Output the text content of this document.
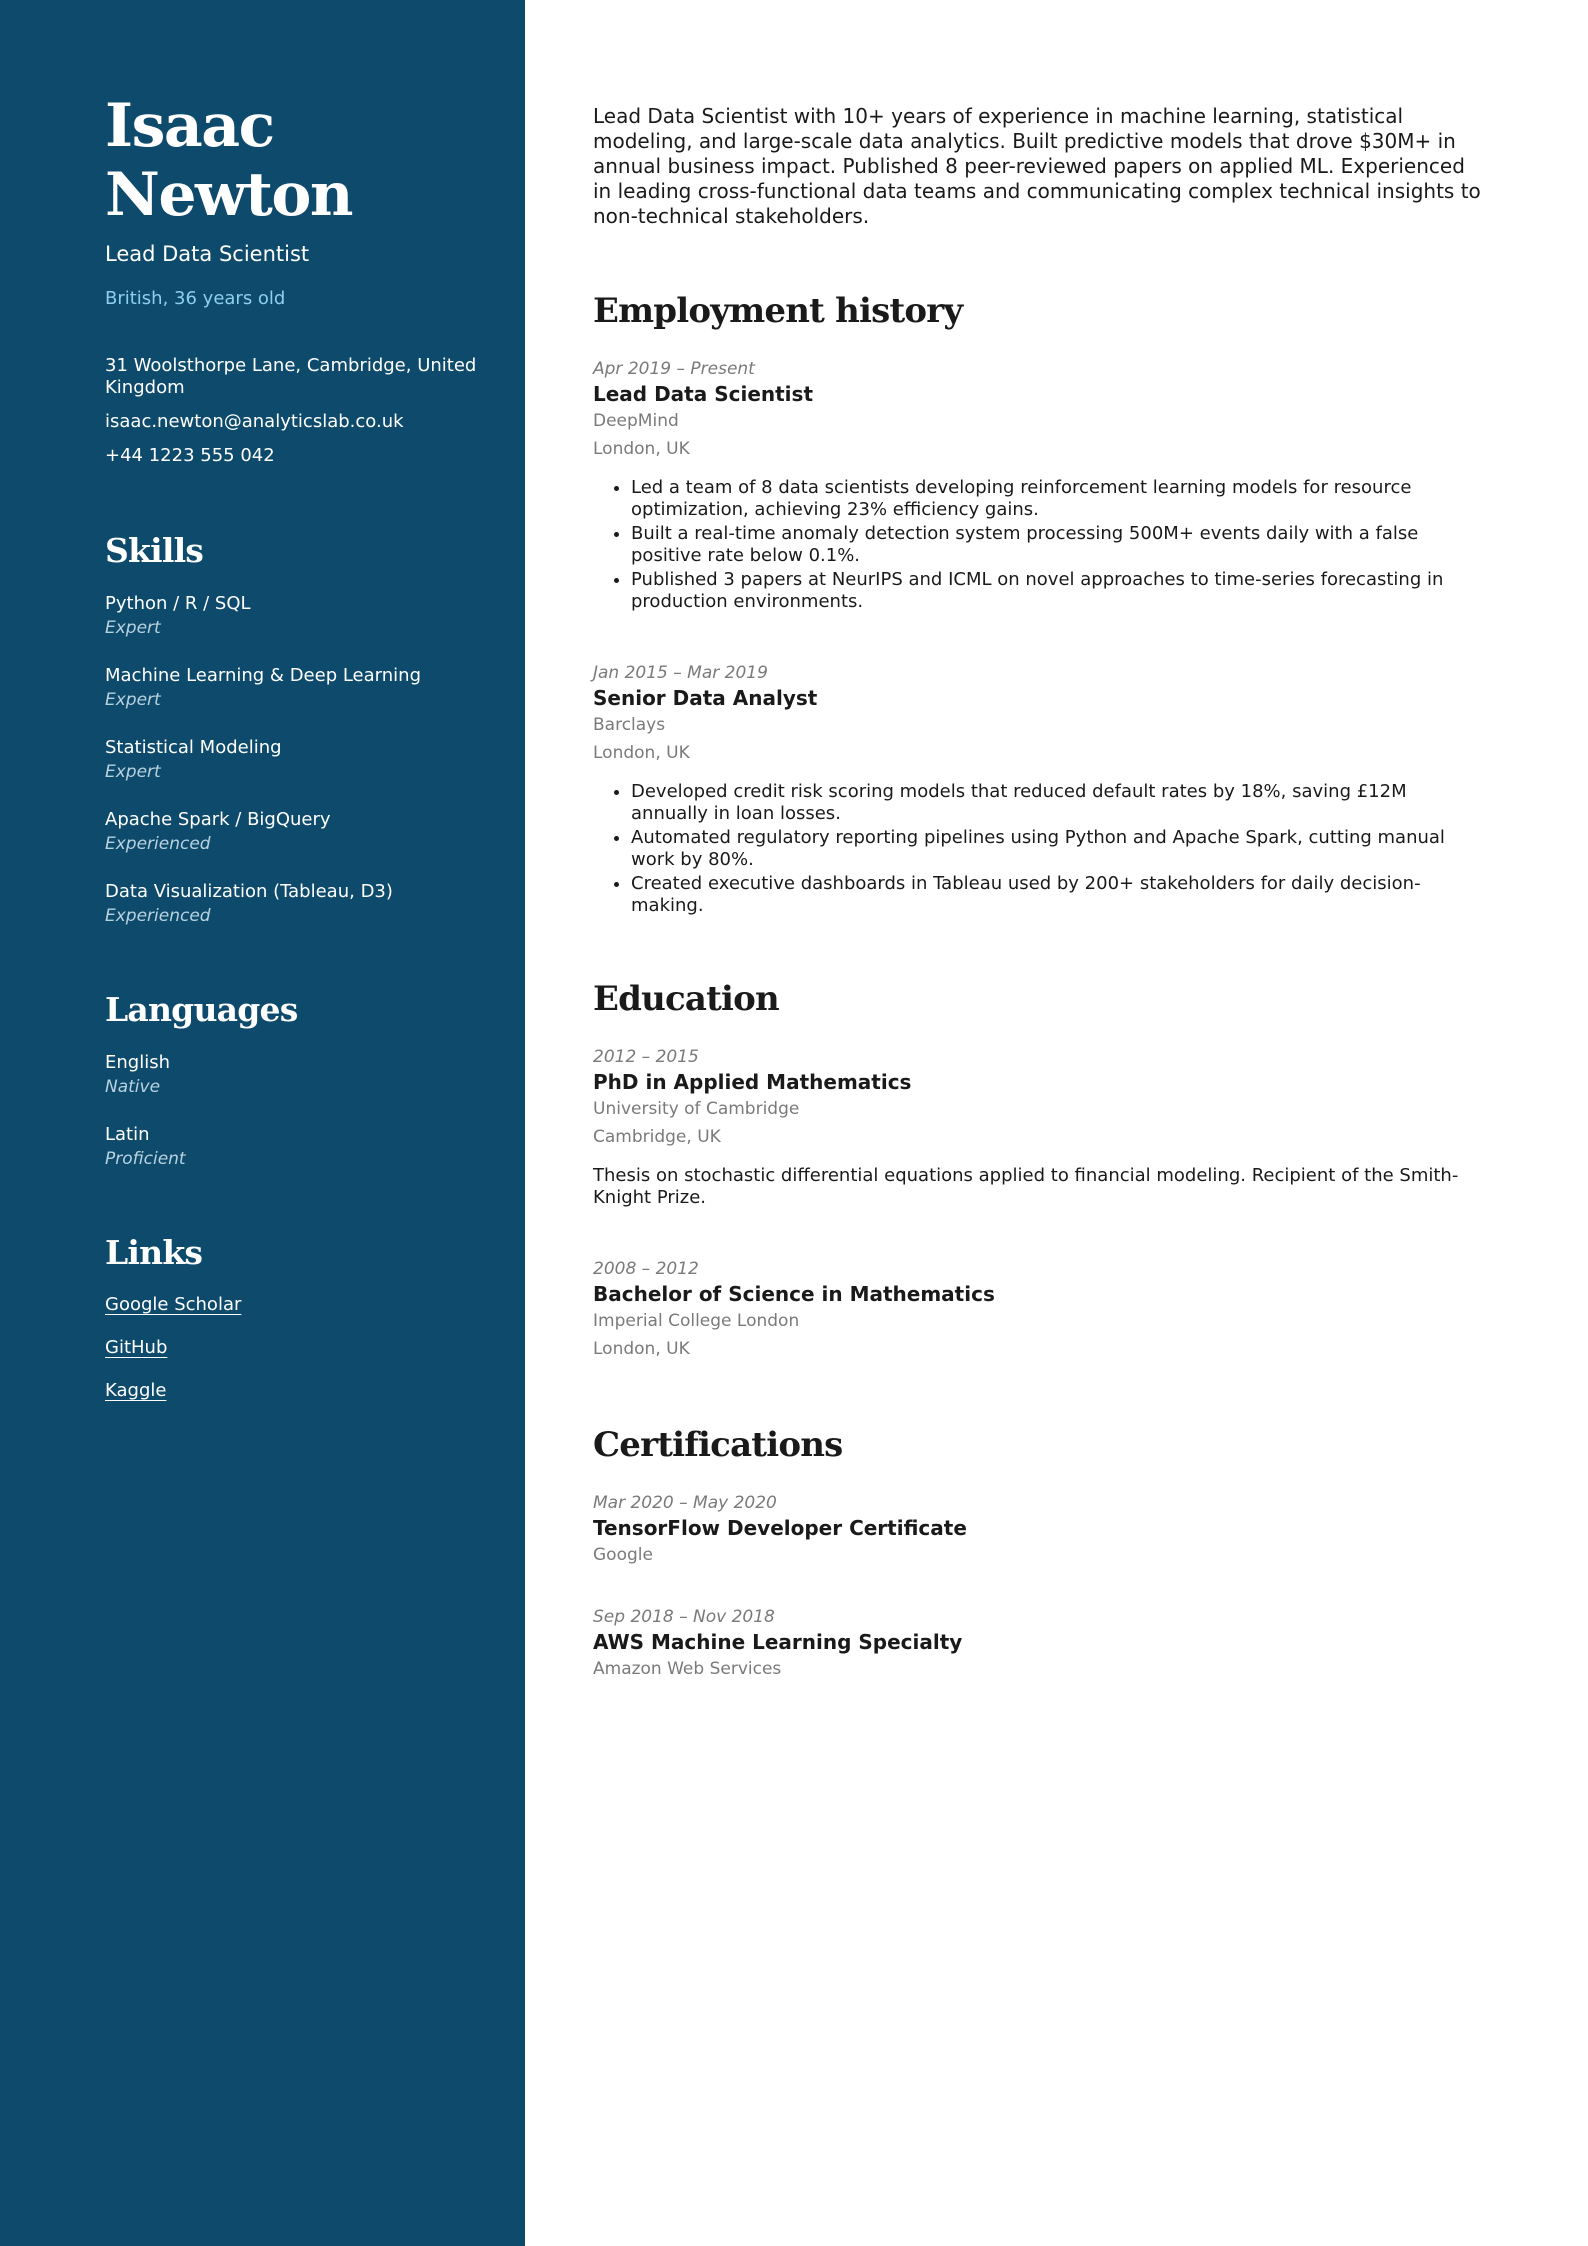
Isaac Newton
Lead Data Scientist
British, 36 years old
31 Woolsthorpe Lane, Cambridge, United Kingdom
isaac.newton@analyticslab.co.uk
+44 1223 555 042
Skills
Python / R / SQL
Expert
Machine Learning & Deep Learning
Expert
Statistical Modeling
Expert
Apache Spark / BigQuery
Experienced
Data Visualization (Tableau, D3)
Experienced
Languages
English
Native
Latin
Proficient
Links
Google Scholar
GitHub
Kaggle

Lead Data Scientist with 10+ years of experience in machine learning, statistical modeling, and large-scale data analytics. Built predictive models that drove $30M+ in annual business impact. Published 8 peer-reviewed papers on applied ML. Experienced in leading cross-functional data teams and communicating complex technical insights to non-technical stakeholders.

Employment history
Apr 2019 – Present
Lead Data Scientist
DeepMind
London, UK
• Led a team of 8 data scientists developing reinforcement learning models for resource optimization, achieving 23% efficiency gains.
• Built a real-time anomaly detection system processing 500M+ events daily with a false positive rate below 0.1%.
• Published 3 papers at NeurIPS and ICML on novel approaches to time-series forecasting in production environments.
Jan 2015 – Mar 2019
Senior Data Analyst
Barclays
London, UK
• Developed credit risk scoring models that reduced default rates by 18%, saving £12M annually in loan losses.
• Automated regulatory reporting pipelines using Python and Apache Spark, cutting manual work by 80%.
• Created executive dashboards in Tableau used by 200+ stakeholders for daily decision-making.
Education
2012 – 2015
PhD in Applied Mathematics
University of Cambridge
Cambridge, UK

Thesis on stochastic differential equations applied to financial modeling. Recipient of the Smith-Knight Prize.

2008 – 2012
Bachelor of Science in Mathematics
Imperial College London
London, UK
Certifications
Mar 2020 – May 2020
TensorFlow Developer Certificate
Google
Sep 2018 – Nov 2018
AWS Machine Learning Specialty
Amazon Web Services
